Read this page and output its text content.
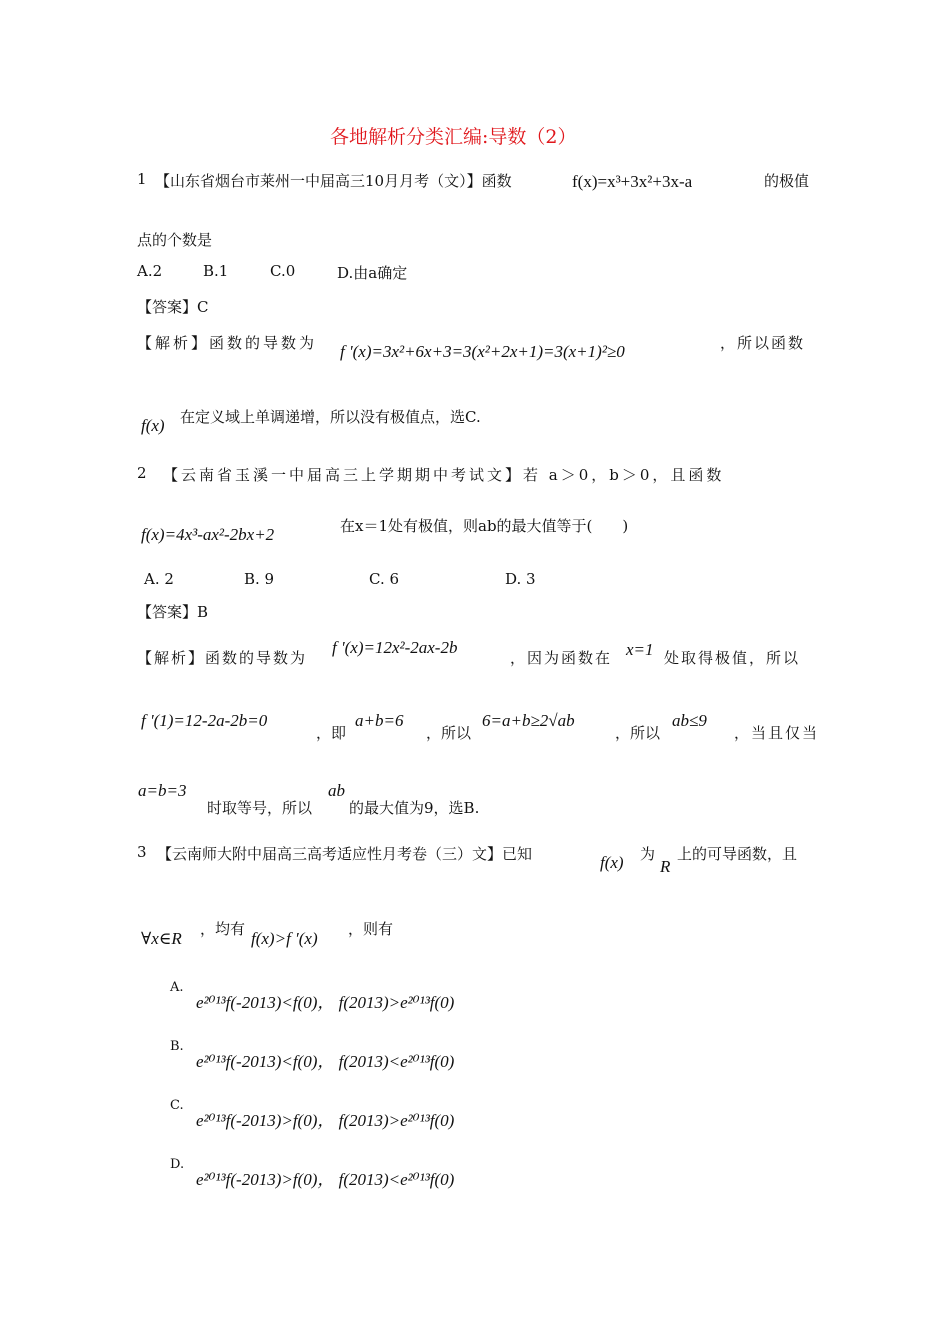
各地解析分类汇编:导数（2）
1 【山东省烟台市莱州一中届高三10月月考（文）】函数	f(x)=x³+3x²+3x-a	的极值
点的个数是
A.2	B.1	C.0	D.由a确定
【答案】C
【解析】函数的导数为 f '(x)=3x²+6x+3=3(x²+2x+1)=3(x+1)²≥0	，所以函数
f(x) 在定义域上单调递增，所以没有极值点，选C.
2 【云南省玉溪一中届高三上学期期中考试文】若 a＞0，b＞0，且函数
f(x)=4x³-ax²-2bx+2	在x＝1处有极值，则ab的最大值等于(　　)
A. 2	B. 9	C. 6	D. 3
【答案】B
【解析】函数的导数为
f '(x)=12x²-2ax-2b
，因为函数在 x=1 处取得极值，所以
f '(1)=12-2a-2b=0
，即
a+b=6
，所以
6=a+b≥2√ab
，所以
ab≤9
，当且仅当
a=b=3
时取等号，所以
ab
的最大值为9，选B.
3 【云南师大附中届高三高考适应性月考卷（三）文】已知	f(x) 为
R
上的可导函数，且
∀x∈R ，均有 f(x)>f ′(x) ，则有
A.
e²⁰¹³f(-2013)<f(0)， f(2013)>e²⁰¹³f(0)
B.
e²⁰¹³f(-2013)<f(0)， f(2013)<e²⁰¹³f(0)
C.
e²⁰¹³f(-2013)>f(0)， f(2013)>e²⁰¹³f(0)
D.
e²⁰¹³f(-2013)>f(0)， f(2013)<e²⁰¹³f(0)
